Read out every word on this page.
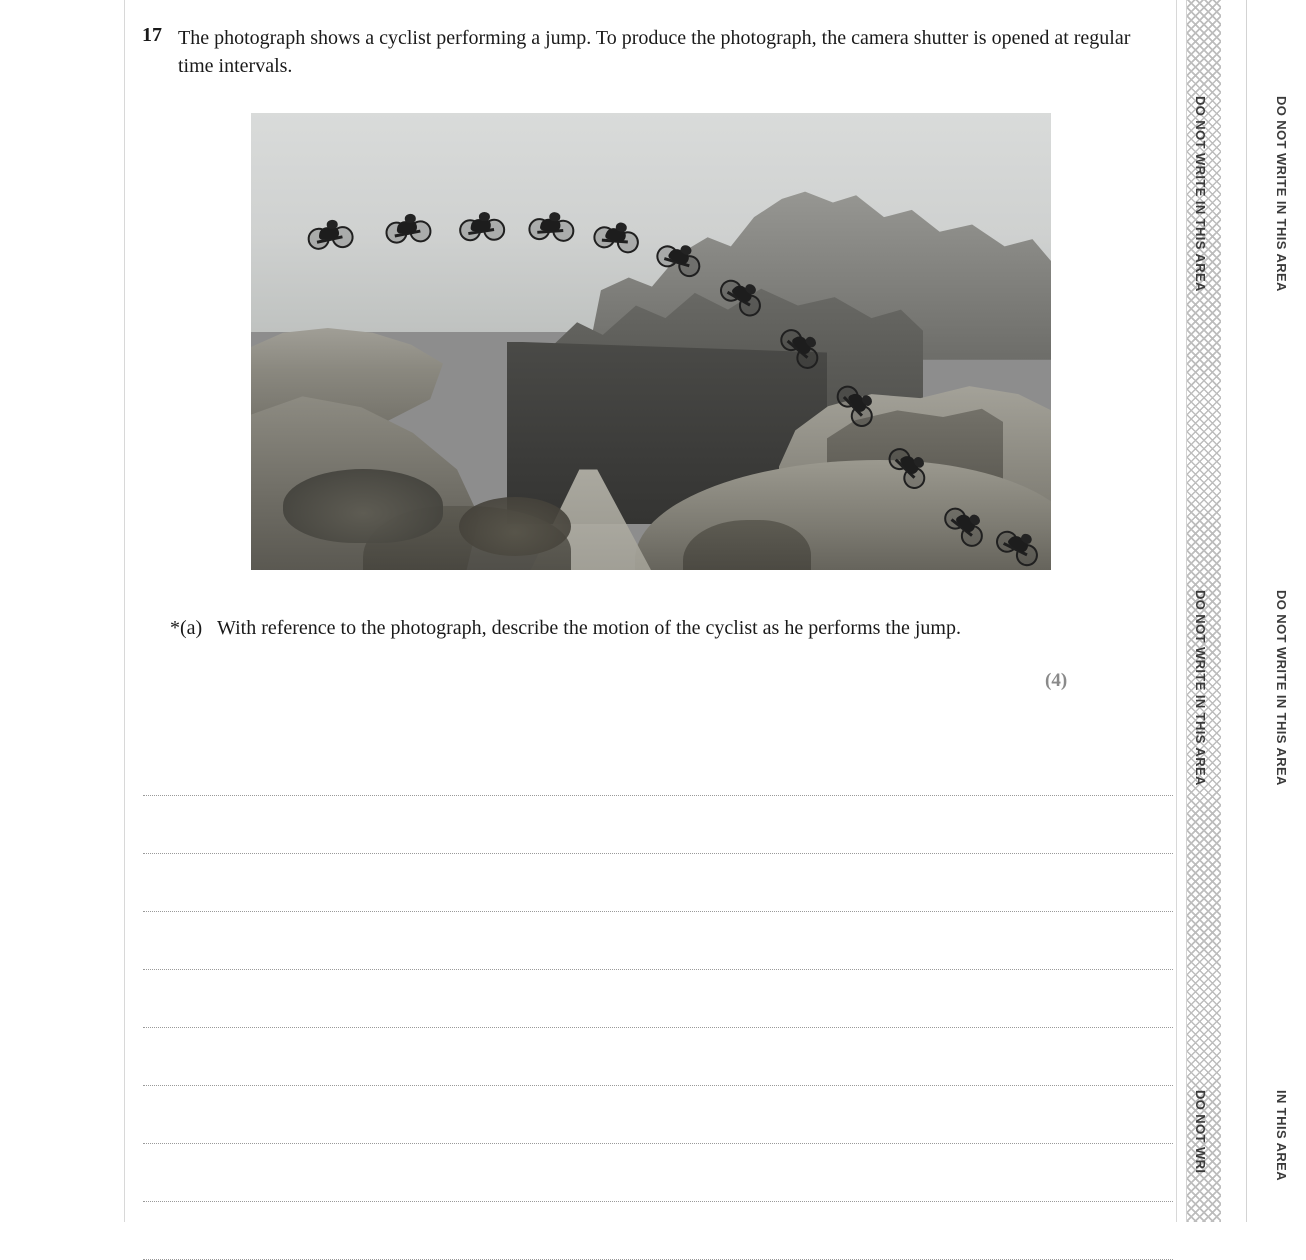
17 The photograph shows a cyclist performing a jump. To produce the photograph, the camera shutter is opened at regular time intervals.
*(a) With reference to the photograph, describe the motion of the cyclist as he performs the jump.
(4)
DO NOT WRITE IN THIS AREA
DO NOT WRITE IN THIS AREA
DO NOT WRI
DO NOT WRITE IN THIS AREA
DO NOT WRITE IN THIS AREA
IN THIS AREA
